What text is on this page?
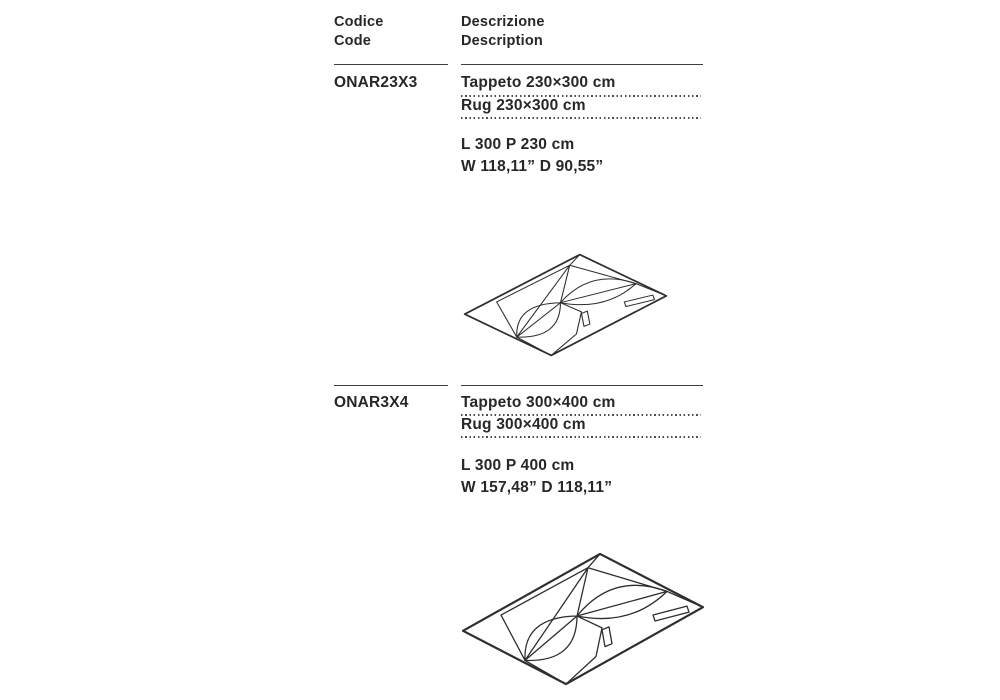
Codice
Code
Descrizione
Description
ONAR23X3	Tappeto 230×300 cm
Rug 230×300 cm
L 300 P 230 cm
W 118,11” D 90,55”
ONAR3X4	Tappeto 300×400 cm
Rug 300×400 cm
L 300 P 400 cm
W 157,48” D 118,11”
